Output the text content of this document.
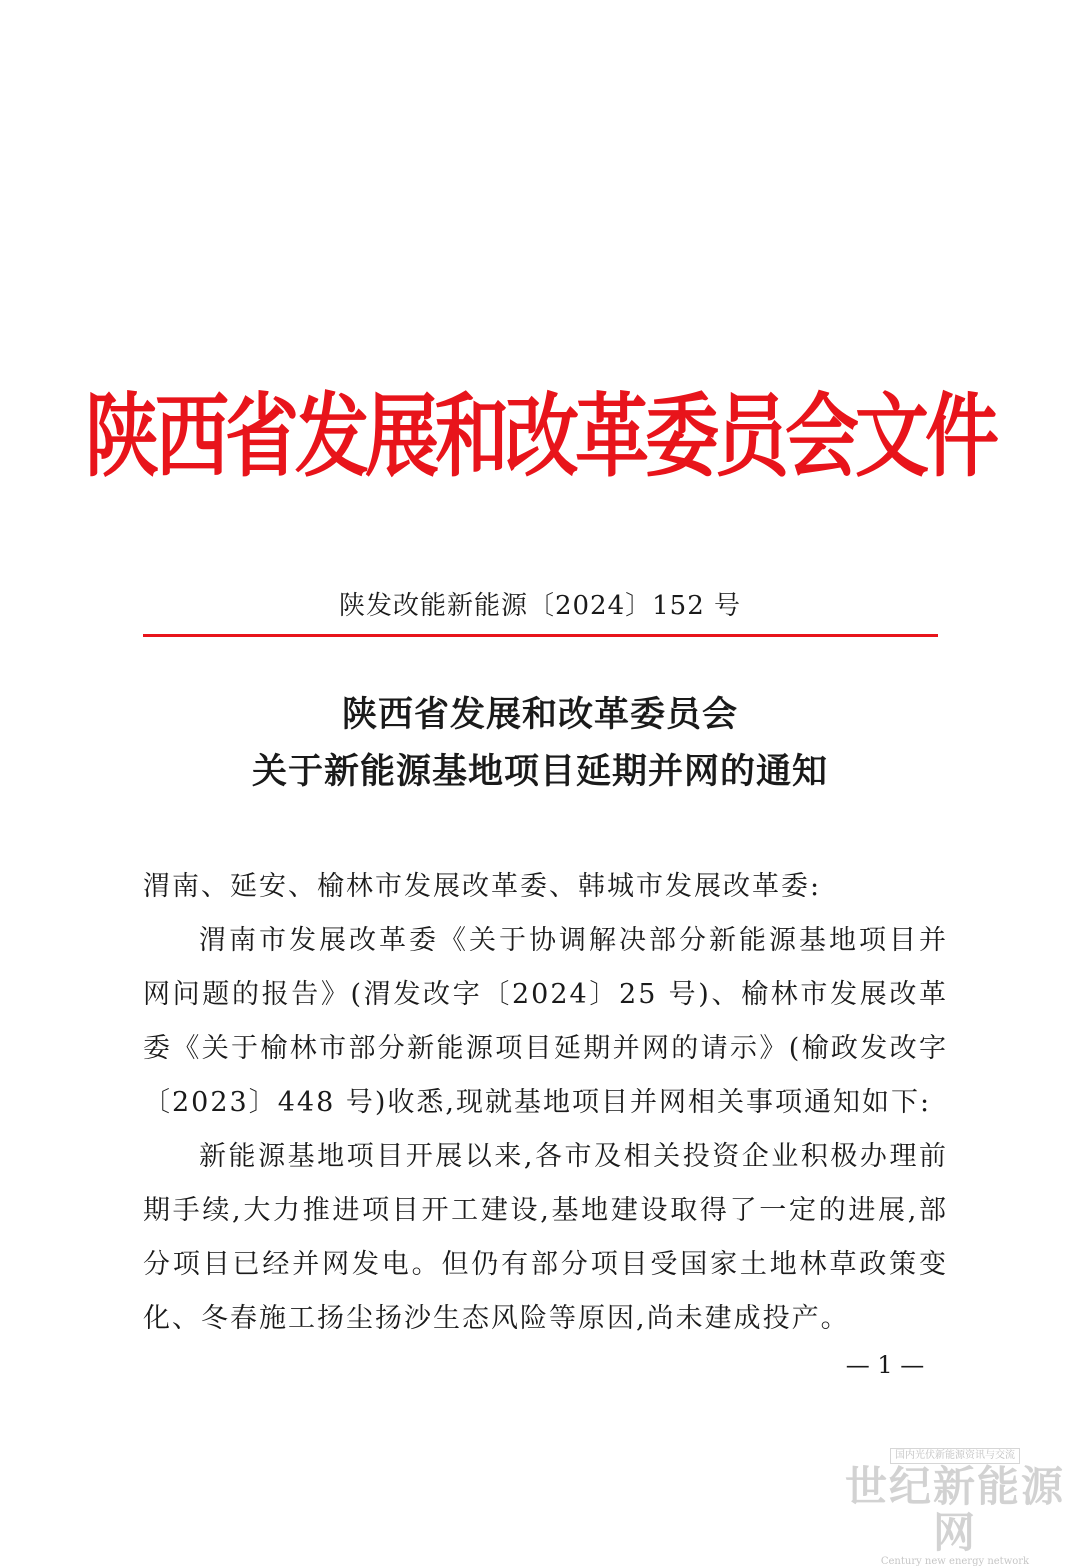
陕西省发展和改革委员会文件
陕发改能新能源〔2024〕152 号
陕西省发展和改革委员会
关于新能源基地项目延期并网的通知

渭南、延安、榆林市发展改革委、韩城市发展改革委:

渭南市发展改革委《关于协调解决部分新能源基地项目并网问题的报告》(渭发改字〔2024〕25 号)、榆林市发展改革委《关于榆林市部分新能源项目延期并网的请示》(榆政发改字〔2023〕448 号)收悉,现就基地项目并网相关事项通知如下:

新能源基地项目开展以来,各市及相关投资企业积极办理前期手续,大力推进项目开工建设,基地建设取得了一定的进展,部分项目已经并网发电。但仍有部分项目受国家土地林草政策变化、冬春施工扬尘扬沙生态风险等原因,尚未建成投产。

— 1 —
国内光伏新能源资讯与交流
世纪新能源网
Century new energy network
